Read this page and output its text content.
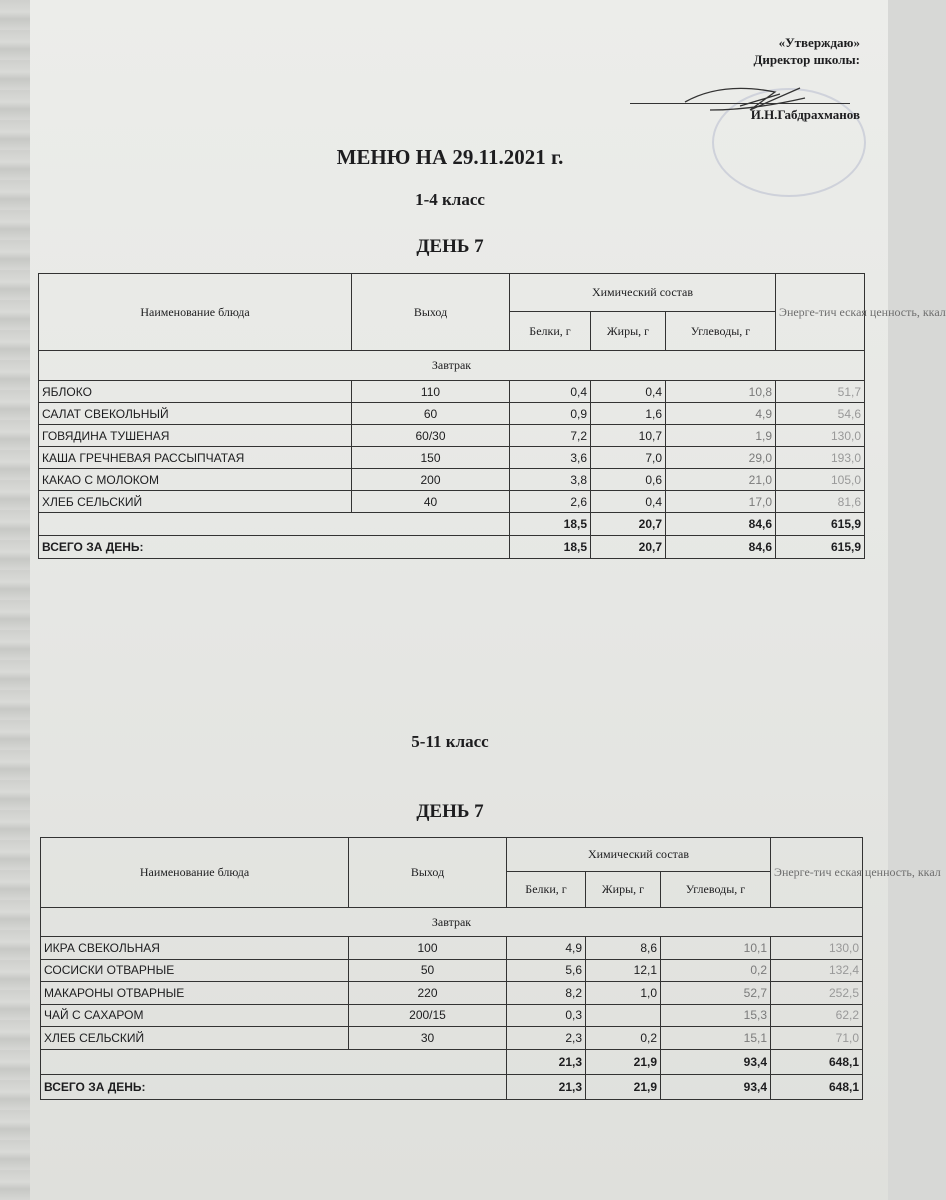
«Утверждаю»
Директор школы:
И.Н.Габдрахманов
МЕНЮ НА 29.11.2021 г.
1-4 класс
ДЕНЬ 7
5-11 класс
ДЕНЬ 7
Наименование блюда	Выход	Химический состав			Энерге-тич еская ценность, ккал
		Белки, г	Жиры, г	Углеводы, г	
Завтрак					
ЯБЛОКО	110	0,4	0,4	10,8	51,7
САЛАТ СВЕКОЛЬНЫЙ	60	0,9	1,6	4,9	54,6
ГОВЯДИНА ТУШЕНАЯ	60/30	7,2	10,7	1,9	130,0
КАША ГРЕЧНЕВАЯ РАССЫПЧАТАЯ	150	3,6	7,0	29,0	193,0
КАКАО С МОЛОКОМ	200	3,8	0,6	21,0	105,0
ХЛЕБ СЕЛЬСКИЙ	40	2,6	0,4	17,0	81,6
		18,5	20,7	84,6	615,9
ВСЕГО ЗА ДЕНЬ:		18,5	20,7	84,6	615,9
Наименование блюда	Выход	Химический состав			Энерге-тич еская ценность, ккал
		Белки, г	Жиры, г	Углеводы, г	
Завтрак					
ИКРА СВЕКОЛЬНАЯ	100	4,9	8,6	10,1	130,0
СОСИСКИ ОТВАРНЫЕ	50	5,6	12,1	0,2	132,4
МАКАРОНЫ ОТВАРНЫЕ	220	8,2	1,0	52,7	252,5
ЧАЙ С САХАРОМ	200/15	0,3		15,3	62,2
ХЛЕБ СЕЛЬСКИЙ	30	2,3	0,2	15,1	71,0
		21,3	21,9	93,4	648,1
ВСЕГО ЗА ДЕНЬ:		21,3	21,9	93,4	648,1
